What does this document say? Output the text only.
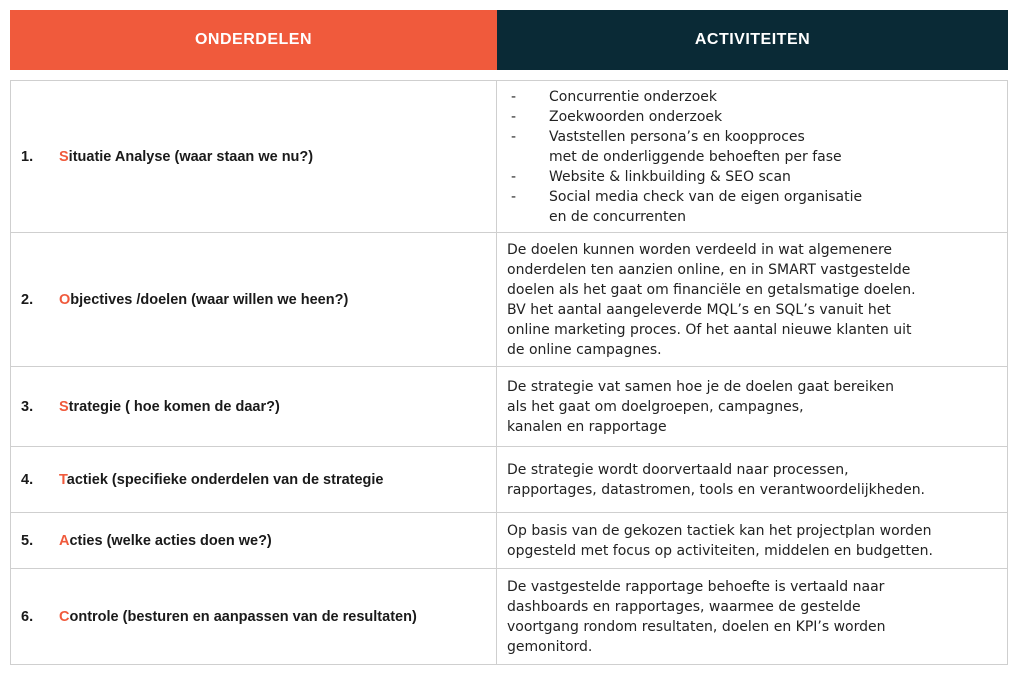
ONDERDELEN	ACTIVITEITEN
1.	Situatie Analyse (waar staan we nu?)
-	Concurrentie onderzoek
-	Zoekwoorden onderzoek
-	Vaststellen persona’s en koopproces
met de onderliggende behoeften per fase
-	Website & linkbuilding & SEO scan
-	Social media check van de eigen organisatie
en de concurrenten
2.	Objectives /doelen (waar willen we heen?)
De doelen kunnen worden verdeeld in wat algemenere
onderdelen ten aanzien online, en in SMART vastgestelde
doelen als het gaat om financiële en getalsmatige doelen.
BV het aantal aangeleverde MQL’s en SQL’s vanuit het
online marketing proces. Of het aantal nieuwe klanten uit
de online campagnes.
3.	Strategie ( hoe komen de daar?)
De strategie vat samen hoe je de doelen gaat bereiken
als het gaat om doelgroepen, campagnes,
kanalen en rapportage
4.	Tactiek (specifieke onderdelen van de strategie
De strategie wordt doorvertaald naar processen,
rapportages, datastromen, tools en verantwoordelijkheden.
5.	Acties (welke acties doen we?)
Op basis van de gekozen tactiek kan het projectplan worden
opgesteld met focus op activiteiten, middelen en budgetten.
6.	Controle (besturen en aanpassen van de resultaten)
De vastgestelde rapportage behoefte is vertaald naar
dashboards en rapportages, waarmee de gestelde
voortgang rondom resultaten, doelen en KPI’s worden
gemonitord.
